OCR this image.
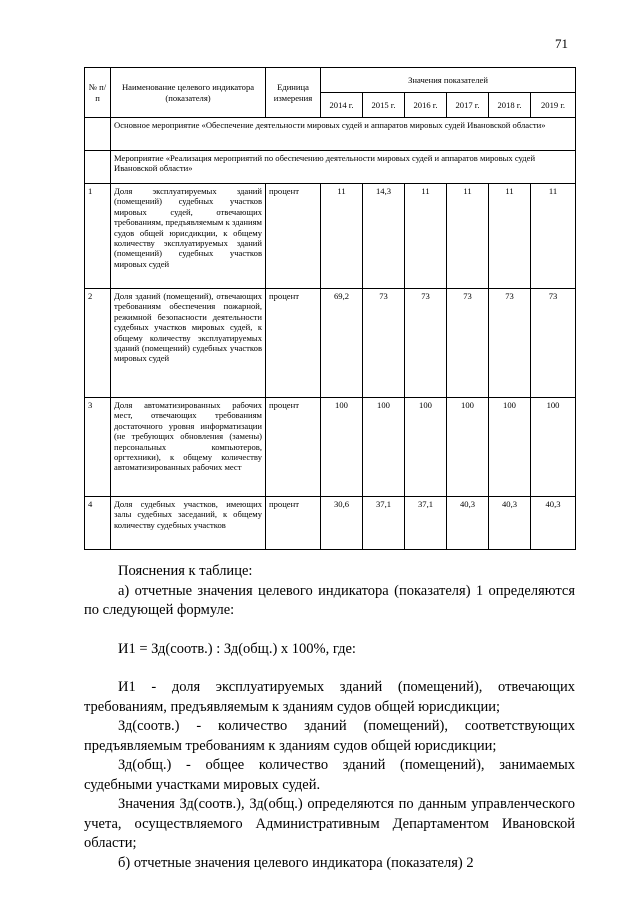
71
№ п/п	Наименование целевого индикатора (показателя)	Единица измерения	Значения показателей					
			2014 г.	2015 г.	2016 г.	2017 г.	2018 г.	2019 г.
	Основное мероприятие «Обеспечение деятельности мировых судей и аппаратов мировых судей Ивановской области»							
	Мероприятие «Реализация мероприятий по обеспечению деятельности мировых судей и аппаратов мировых судей Ивановской области»							
1	Доля эксплуатируемых зданий (помещений) судебных участков мировых судей, отвечающих требованиям, предъявляемым к зданиям судов общей юрисдикции, к общему количеству эксплуатируемых зданий (помещений) судебных участков мировых судей	процент	11	14,3	11	11	11	11
2	Доля зданий (помещений), отвечающих требованиям обеспечения пожарной, режимной безопасности деятельности судебных участков мировых судей, к общему количеству эксплуатируемых зданий (помещений) судебных участков мировых судей	процент	69,2	73	73	73	73	73
3	Доля автоматизированных рабочих мест, отвечающих требованиям достаточного уровня информатизации (не требующих обновления (замены) персональных компьютеров, оргтехники), к общему количеству автоматизированных рабочих мест	процент	100	100	100	100	100	100
4	Доля судебных участков, имеющих залы судебных заседаний, к общему количеству судебных участков	процент	30,6	37,1	37,1	40,3	40,3	40,3

Пояснения к таблице:

а) отчетные значения целевого индикатора (показателя) 1 определяются по следующей формуле:

И1 = Зд(соотв.) : Зд(общ.) x 100%, где:

И1 - доля эксплуатируемых зданий (помещений), отвечающих требованиям, предъявляемым к зданиям судов общей юрисдикции;

Зд(соотв.) - количество зданий (помещений), соответствующих предъявляемым требованиям к зданиям судов общей юрисдикции;

Зд(общ.) - общее количество зданий (помещений), занимаемых судебными участками мировых судей.

Значения Зд(соотв.), Зд(общ.) определяются по данным управленческого учета, осуществляемого Административным Департаментом Ивановской области;

б) отчетные значения целевого индикатора (показателя) 2
